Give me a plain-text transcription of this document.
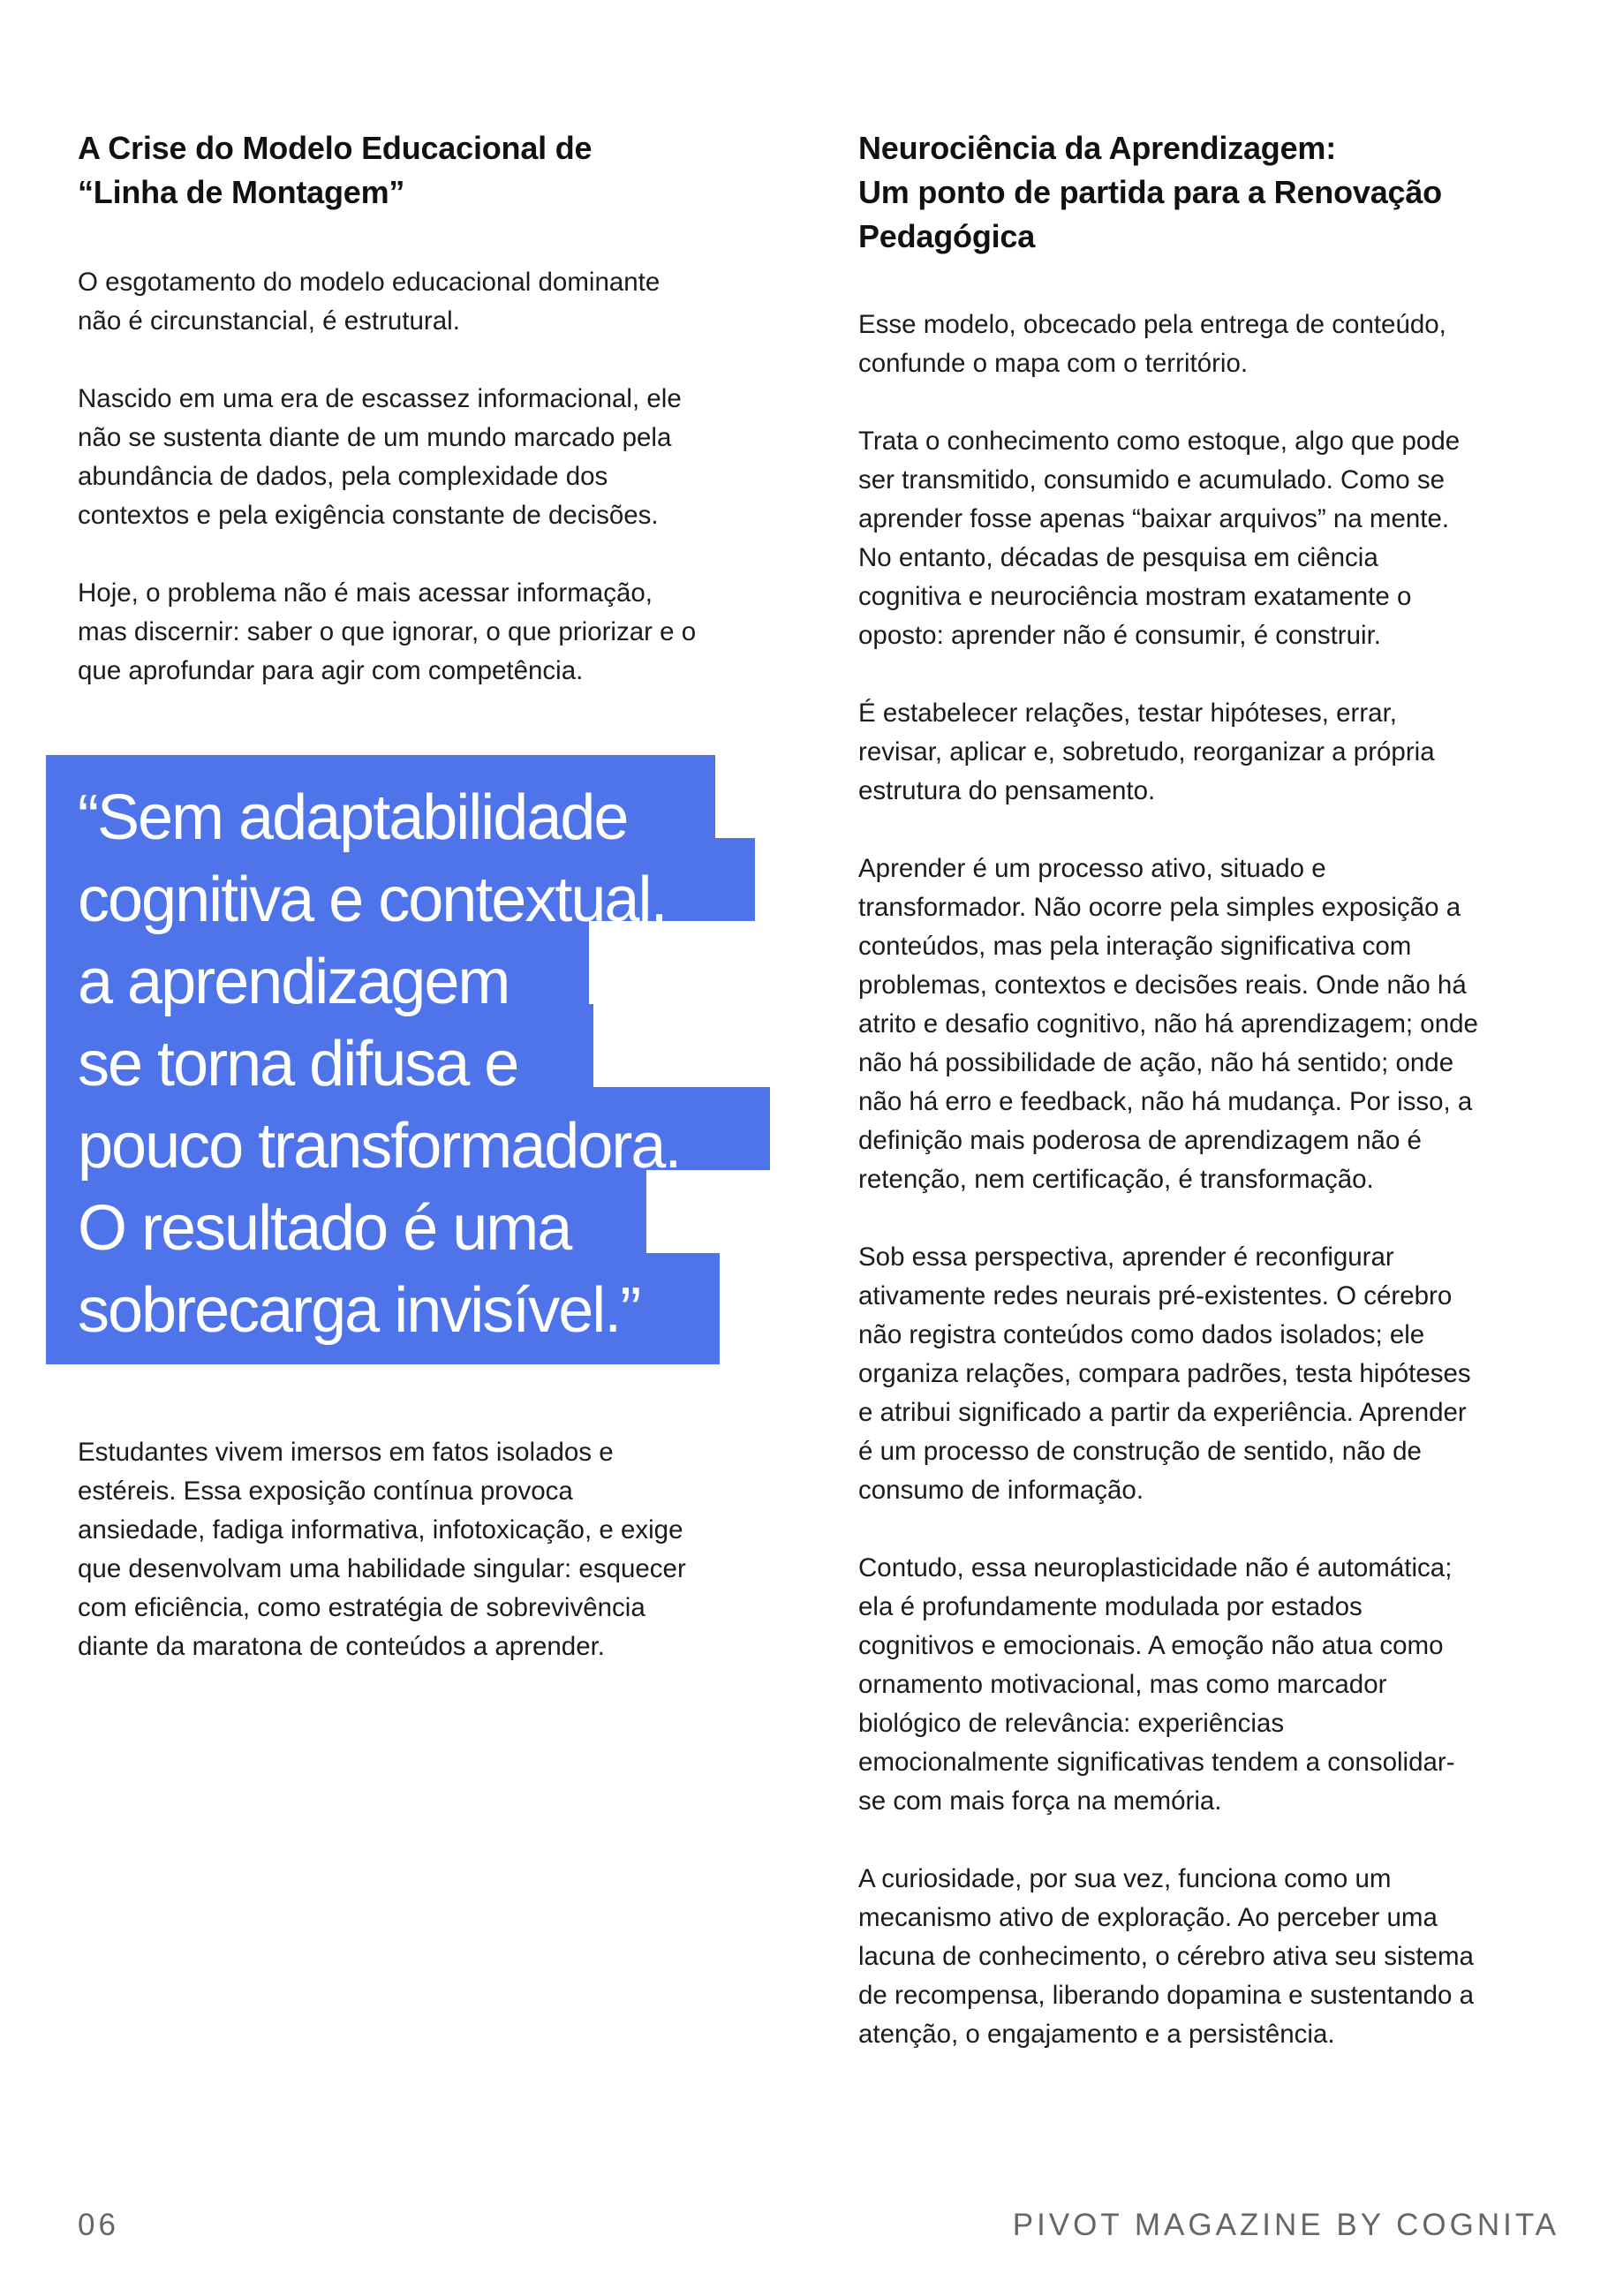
A Crise do Modelo Educacional de
“Linha de Montagem”

O esgotamento do modelo educacional dominante
não é circunstancial, é estrutural.

Nascido em uma era de escassez informacional, ele
não se sustenta diante de um mundo marcado pela
abundância de dados, pela complexidade dos
contextos e pela exigência constante de decisões.

Hoje, o problema não é mais acessar informação,
mas discernir: saber o que ignorar, o que priorizar e o
que aprofundar para agir com competência.

“Sem adaptabilidade
cognitiva e contextual,
a aprendizagem
se torna difusa e
pouco transformadora.
O resultado é uma
sobrecarga invisível.”

Estudantes vivem imersos em fatos isolados e
estéreis. Essa exposição contínua provoca
ansiedade, fadiga informativa, infotoxicação, e exige
que desenvolvam uma habilidade singular: esquecer
com eficiência, como estratégia de sobrevivência
diante da maratona de conteúdos a aprender.

Neurociência da Aprendizagem:
Um ponto de partida para a Renovação
Pedagógica

Esse modelo, obcecado pela entrega de conteúdo,
confunde o mapa com o território.

Trata o conhecimento como estoque, algo que pode
ser transmitido, consumido e acumulado. Como se
aprender fosse apenas “baixar arquivos” na mente.
No entanto, décadas de pesquisa em ciência
cognitiva e neurociência mostram exatamente o
oposto: aprender não é consumir, é construir.

É estabelecer relações, testar hipóteses, errar,
revisar, aplicar e, sobretudo, reorganizar a própria
estrutura do pensamento.

Aprender é um processo ativo, situado e
transformador. Não ocorre pela simples exposição a
conteúdos, mas pela interação significativa com
problemas, contextos e decisões reais. Onde não há
atrito e desafio cognitivo, não há aprendizagem; onde
não há possibilidade de ação, não há sentido; onde
não há erro e feedback, não há mudança. Por isso, a
definição mais poderosa de aprendizagem não é
retenção, nem certificação, é transformação.

Sob essa perspectiva, aprender é reconfigurar
ativamente redes neurais pré-existentes. O cérebro
não registra conteúdos como dados isolados; ele
organiza relações, compara padrões, testa hipóteses
e atribui significado a partir da experiência. Aprender
é um processo de construção de sentido, não de
consumo de informação.

Contudo, essa neuroplasticidade não é automática;
ela é profundamente modulada por estados
cognitivos e emocionais. A emoção não atua como
ornamento motivacional, mas como marcador
biológico de relevância: experiências
emocionalmente significativas tendem a consolidar-
se com mais força na memória.

A curiosidade, por sua vez, funciona como um
mecanismo ativo de exploração. Ao perceber uma
lacuna de conhecimento, o cérebro ativa seu sistema
de recompensa, liberando dopamina e sustentando a
atenção, o engajamento e a persistência.

06	PIVOT MAGAZINE BY COGNITA
